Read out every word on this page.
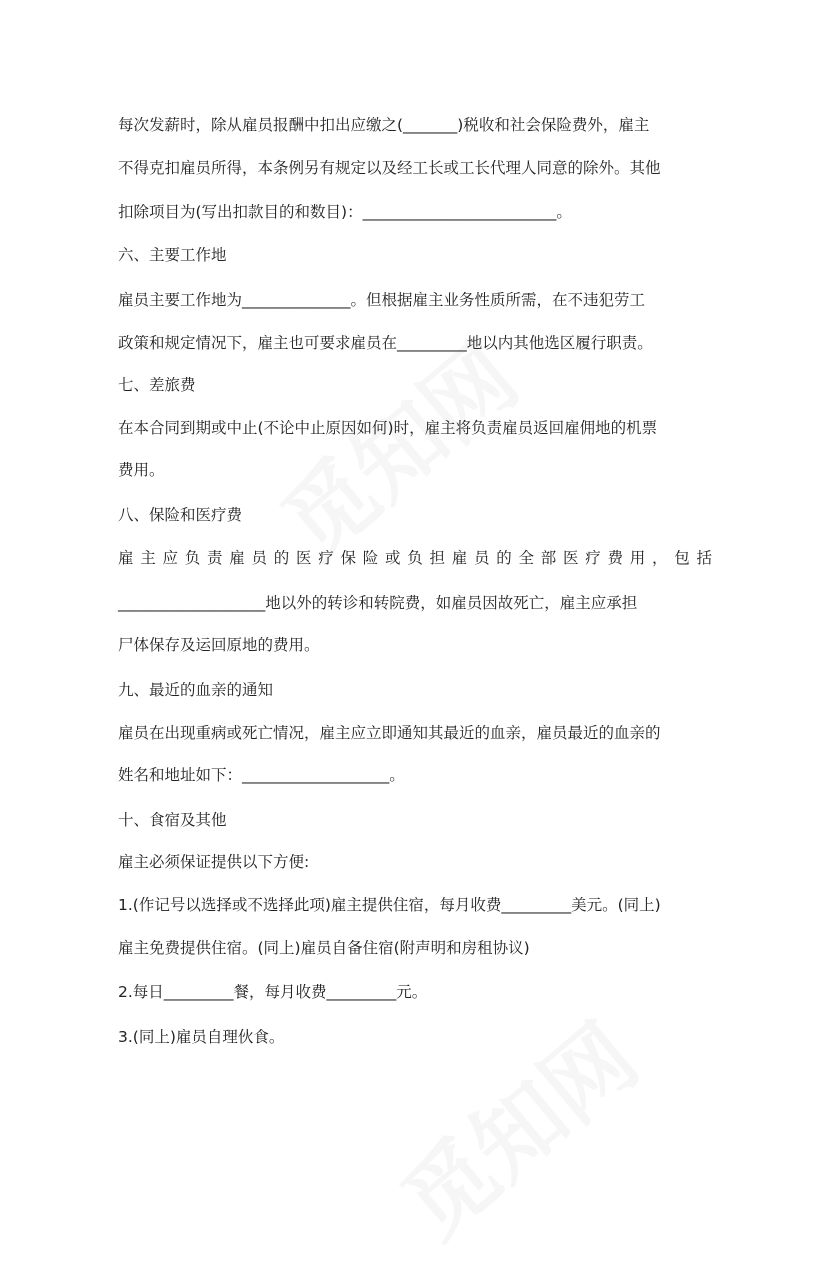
每次发薪时，除从雇员报酬中扣出应缴之(_______)税收和社会保险费外，雇主
不得克扣雇员所得，本条例另有规定以及经工长或工长代理人同意的除外。其他
扣除项目为(写出扣款目的和数目)：_________________________。
六、主要工作地
雇员主要工作地为______________。但根据雇主业务性质所需，在不违犯劳工
政策和规定情况下，雇主也可要求雇员在_________地以内其他选区履行职责。
七、差旅费
在本合同到期或中止(不论中止原因如何)时，雇主将负责雇员返回雇佣地的机票
费用。
八、保险和医疗费
雇主应负责雇员的医疗保险或负担雇员的全部医疗费用，包括
___________________地以外的转诊和转院费，如雇员因故死亡，雇主应承担
尸体保存及运回原地的费用。
九、最近的血亲的通知
雇员在出现重病或死亡情况，雇主应立即通知其最近的血亲，雇员最近的血亲的
姓名和地址如下：___________________。
十、食宿及其他
雇主必须保证提供以下方便:
1.(作记号以选择或不选择此项)雇主提供住宿，每月收费_________美元。(同上)
雇主免费提供住宿。(同上)雇员自备住宿(附声明和房租协议)
2.每日_________餐，每月收费_________元。
3.(同上)雇员自理伙食。
